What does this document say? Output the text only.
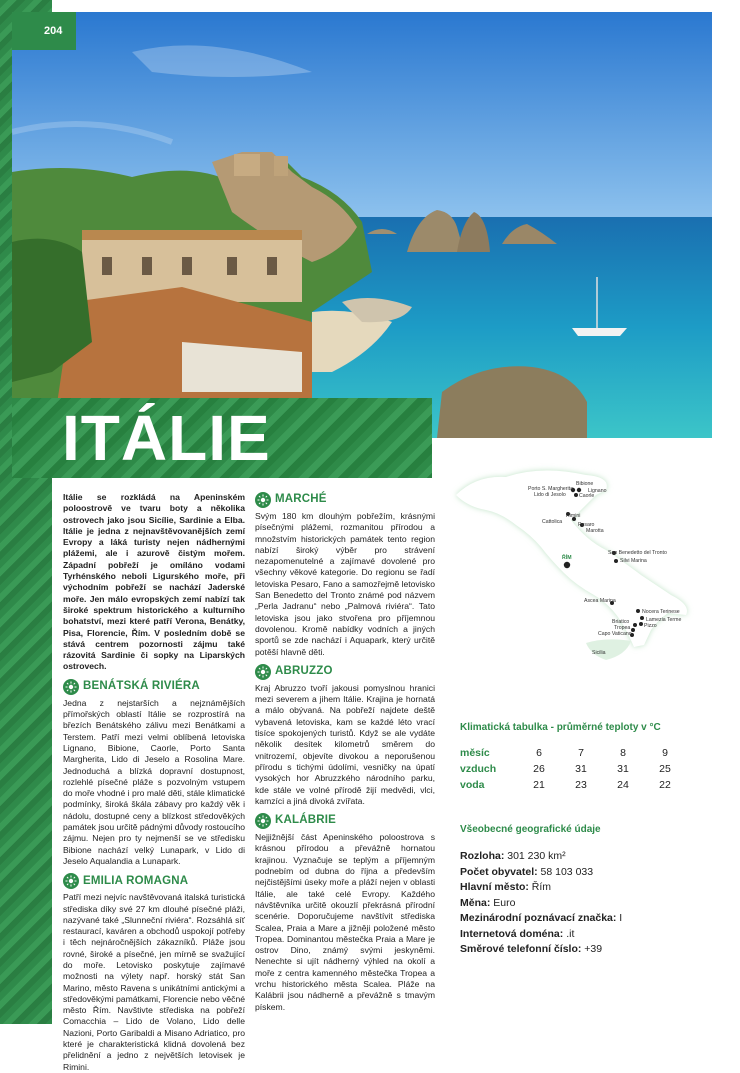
204
ITÁLIE
Itálie se rozkládá na Apeninském poloostrově ve tvaru boty a několika ostrovech jako jsou Sicílie, Sardinie a Elba. Itálie je jedna z nejnavštěvovanějších zemí Evropy a láká turisty nejen nádhernými plážemi, ale i azurově čistým mořem. Západní pobřeží je omíláno vodami Tyrhénského neboli Ligurského moře, při východním pobřeží se nachází Jaderské moře. Jen málo evropských zemí nabízí tak široké spektrum historického a kulturního bohatství, mezi které patří Verona, Benátky, Pisa, Florencie, Řím. V posledním době se stává centrem pozornosti zájmu také rázovitá Sardinie či sopky na Liparských ostrovech.
BENÁTSKÁ RIVIÉRA
Jedna z nejstarších a nejznámějších přímořských oblastí Itálie se rozprostírá na březích Benátského zálivu mezi Benátkami a Terstem. Patří mezi velmi oblíbená letoviska Lignano, Bibione, Caorle, Porto Santa Margherita, Lido di Jeselo a Rosolina Mare. Jednoduchá a blízká dopravní dostupnost, rozlehlé písečné pláže s pozvolným vstupem do moře vhodné i pro malé děti, stále klimatické podmínky, široká škála zábavy pro každý věk i nádolu, dostupné ceny a blízkost středověkých památek jsou určitě pádnými důvody rostoucího zájmu. Nejen pro ty nejmenší se ve středisku Bibione nachází velký Lunapark, v Lido di Jeselo Aqualandia a Lunapark.
EMILIA ROMAGNA
Patří mezi nejvíc navštěvovaná italská turistická střediska díky své 27 km dlouhé písečné pláži, nazývané také „Slunneční riviéra“. Rozsáhlá síť restaurací, kaváren a obchodů uspokojí potřeby i těch nejnáročnějších zákazníků. Pláže jsou rovné, široké a písečné, jen mírně se svažující do moře. Letovisko poskytuje zajímavé možnosti na výlety např. horský stát San Marino, město Ravena s unikátními antickými a středověkými památkami, Florencie nebo věčné město Řím. Navštivte střediska na pobřeží Comacchia – Lido de Volano, Lido delle Nazioni, Porto Garibaldi a Misano Adriatico, pro které je charakteristická klidná dovolená bez přelidnění a jedno z největších letovisek je Rimini.
MARCHÉ
Svým 180 km dlouhým pobřežím, krásnými písečnými plážemi, rozmanitou přírodou a množstvím historických památek tento region nabízí široký výběr pro strávení nezapomenutelné a zajímavé dovolené pro všechny věkové kategorie. Do regionu se řadí letoviska Pesaro, Fano a samozřejmě letovisko San Benedetto del Tronto známé pod názvem „Perla Jadranu“ nebo „Palmová riviéra“. Tato letoviska jsou jako stvořena pro příjemnou dovolenou. Kromě nabídky vodních a jiných sportů se zde nachází i Aquapark, který určitě potěší hlavně děti.
ABRUZZO
Kraj Abruzzo tvoří jakousi pomyslnou hranici mezi severem a jihem Itálie. Krajina je hornatá a málo obývaná. Na pobřeží najdete deště vybavená letoviska, kam se každé léto vrací tisíce spokojených turistů. Když se ale vydáte několik desítek kilometrů směrem do vnitrozemí, objevíte divokou a neporušenou přírodu s tichými údolími, vesničky na úpatí vysokých hor Abruzzkého národního parku, kde stále ve volné přírodě žijí medvědi, vlci, kamzíci a jiná divoká zvířata.
KALÁBRIE
Nejjižnější část Apeninského poloostrova s krásnou přírodou a převážně hornatou krajinou. Vyznačuje se teplým a příjemným podnebím od dubna do října a především nejčistějšími úseky moře a pláží nejen v oblasti Itálie, ale také celé Evropy. Každého návštěvníka určitě okouzlí překrásná přírodní scenérie. Doporučujeme navštívit střediska Scalea, Praia a Mare a jižněji položené město Tropea. Dominantou městečka Praia a Mare je ostrov Dino, známý svými jeskyněmi. Nenechte si ujít nádherný výhled na okolí a moře z centra kamenného městečka Tropea a vrchu historického města Scalea. Pláže na Kalábrii jsou nádherně a převážně s tmavým pískem.
Bibione
Lignano
Caorle
Porto S. Margherita
Lido di Jesolo
Rimini
Cattolica	Pesaro
Marotta
ŘÍM
San Benedetto del Tronto
Silvi Marina
Ascea Marina
Nocera Terinese
Lamezia Terme
Pizzo
Briatico
Tropea
Capo Vaticano
Sicilia
Klimatická tabulka - průměrné teploty v °C
měsíc	6	7	8	9
vzduch	26	31	31	25
voda	21	23	24	22
Všeobecné geografické údaje
Rozloha: 301 230 km²
Počet obyvatel: 58 103 033
Hlavní město: Řím
Měna: Euro
Mezinárodní poznávací značka: I
Internetová doména: .it
Směrové telefonní číslo: +39
